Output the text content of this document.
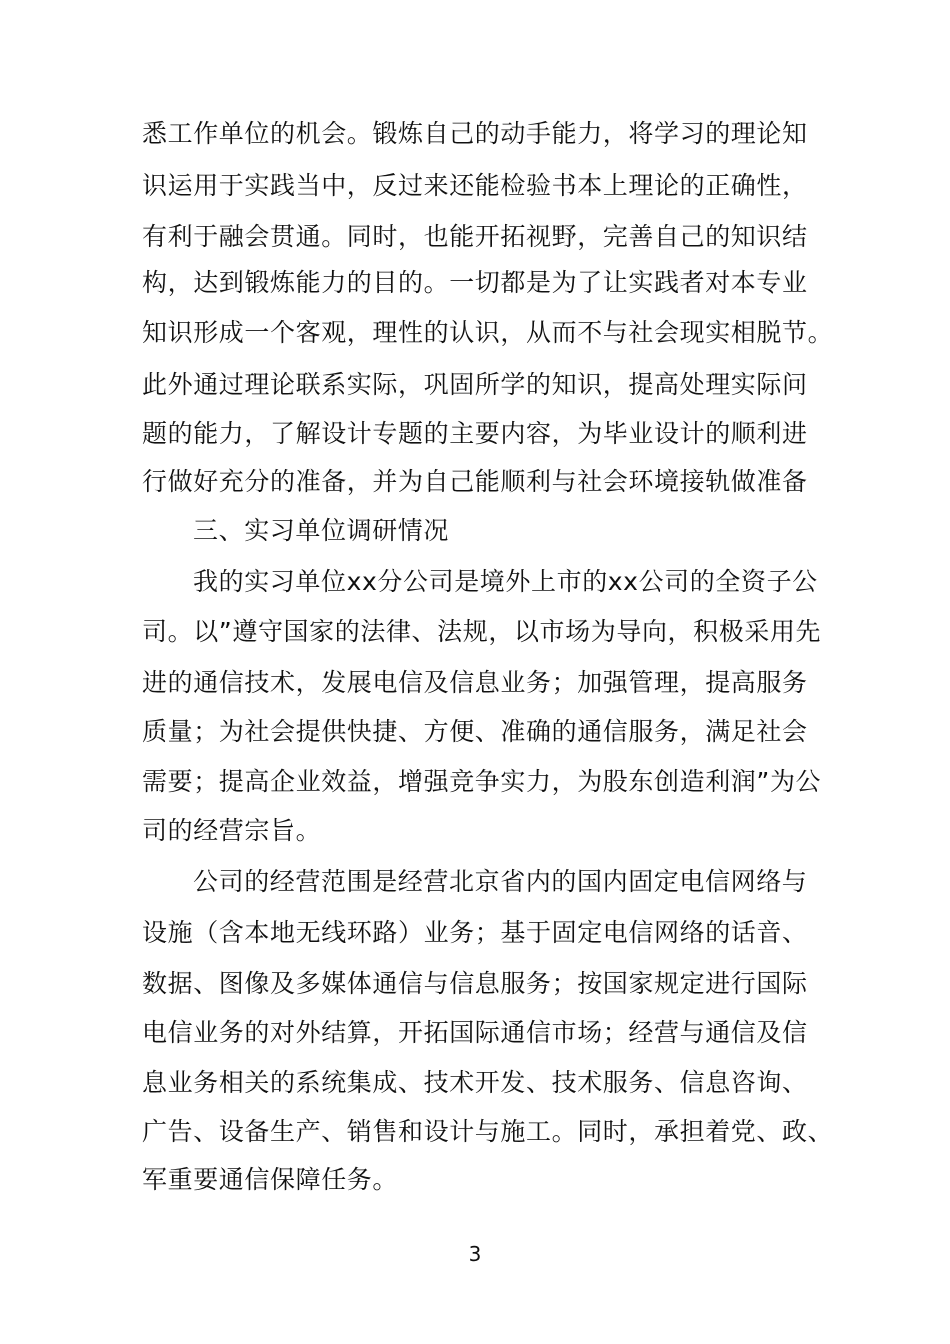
悉工作单位的机会。锻炼自己的动手能力，将学习的理论知
识运用于实践当中，反过来还能检验书本上理论的正确性，
有利于融会贯通。同时，也能开拓视野，完善自己的知识结
构，达到锻炼能力的目的。一切都是为了让实践者对本专业
知识形成一个客观，理性的认识，从而不与社会现实相脱节。
此外通过理论联系实际，巩固所学的知识，提高处理实际问
题的能力，了解设计专题的主要内容，为毕业设计的顺利进
行做好充分的准备，并为自己能顺利与社会环境接轨做准备
三、实习单位调研情况
我的实习单位xx分公司是境外上市的xx公司的全资子公
司。以”遵守国家的法律、法规，以市场为导向，积极采用先
进的通信技术，发展电信及信息业务；加强管理，提高服务
质量；为社会提供快捷、方便、准确的通信服务，满足社会
需要；提高企业效益，增强竞争实力，为股东创造利润”为公
司的经营宗旨。
公司的经营范围是经营北京省内的国内固定电信网络与
设施（含本地无线环路）业务；基于固定电信网络的话音、
数据、图像及多媒体通信与信息服务；按国家规定进行国际
电信业务的对外结算，开拓国际通信市场；经营与通信及信
息业务相关的系统集成、技术开发、技术服务、信息咨询、
广告、设备生产、销售和设计与施工。同时，承担着党、政、
军重要通信保障任务。
3
